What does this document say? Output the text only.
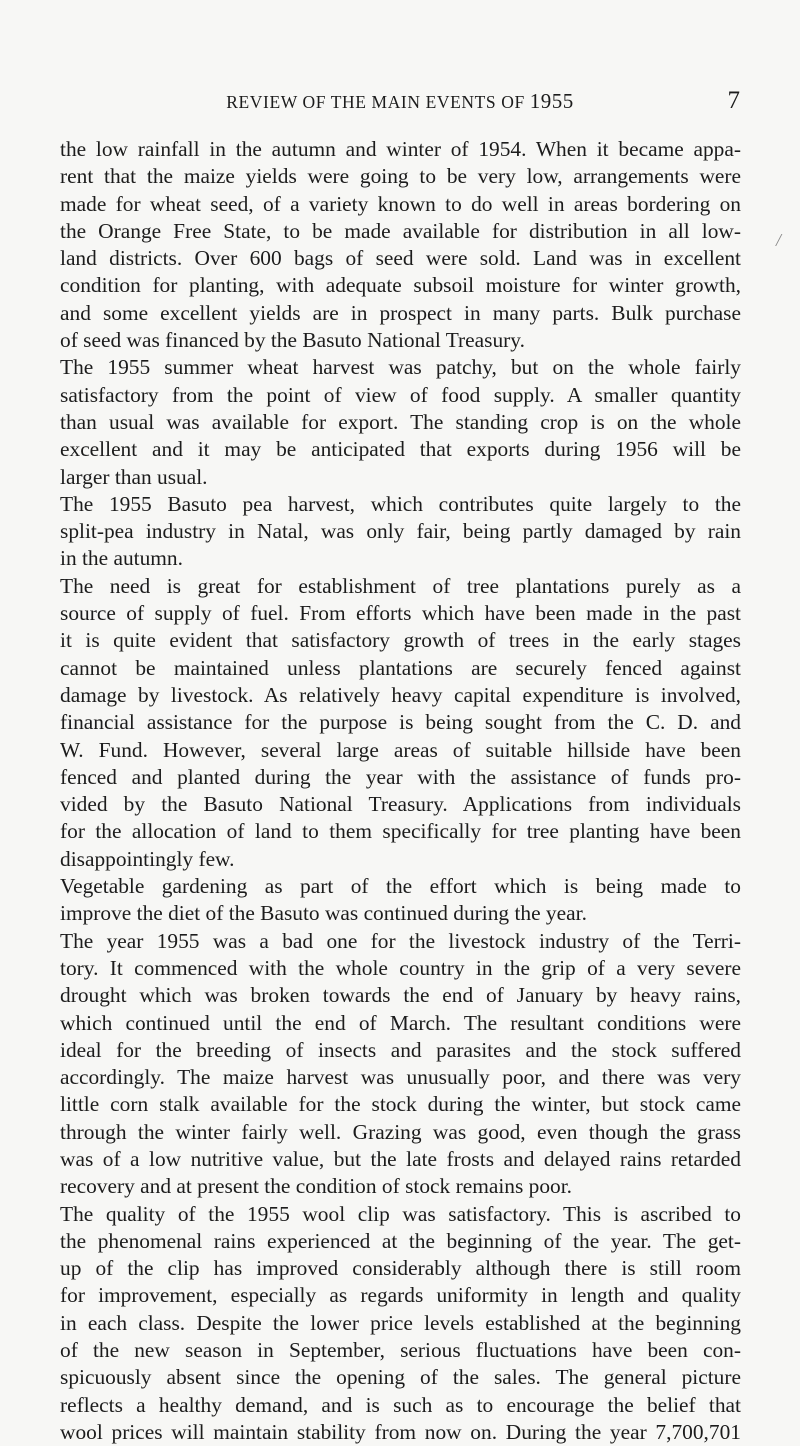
REVIEW OF THE MAIN EVENTS OF 1955	7
/
the low rainfall in the autumn and winter of 1954. When it became appa-
rent that the maize yields were going to be very low, arrangements were
made for wheat seed, of a variety known to do well in areas bordering on
the Orange Free State, to be made available for distribution in all low-
land districts. Over 600 bags of seed were sold. Land was in excellent
condition for planting, with adequate subsoil moisture for winter growth,
and some excellent yields are in prospect in many parts. Bulk purchase
of seed was financed by the Basuto National Treasury.
The 1955 summer wheat harvest was patchy, but on the whole fairly
satisfactory from the point of view of food supply. A smaller quantity
than usual was available for export. The standing crop is on the whole
excellent and it may be anticipated that exports during 1956 will be
larger than usual.
The 1955 Basuto pea harvest, which contributes quite largely to the
split-pea industry in Natal, was only fair, being partly damaged by rain
in the autumn.
The need is great for establishment of tree plantations purely as a
source of supply of fuel. From efforts which have been made in the past
it is quite evident that satisfactory growth of trees in the early stages
cannot be maintained unless plantations are securely fenced against
damage by livestock. As relatively heavy capital expenditure is involved,
financial assistance for the purpose is being sought from the C. D. and
W. Fund. However, several large areas of suitable hillside have been
fenced and planted during the year with the assistance of funds pro-
vided by the Basuto National Treasury. Applications from individuals
for the allocation of land to them specifically for tree planting have been
disappointingly few.
Vegetable gardening as part of the effort which is being made to
improve the diet of the Basuto was continued during the year.
The year 1955 was a bad one for the livestock industry of the Terri-
tory. It commenced with the whole country in the grip of a very severe
drought which was broken towards the end of January by heavy rains,
which continued until the end of March. The resultant conditions were
ideal for the breeding of insects and parasites and the stock suffered
accordingly. The maize harvest was unusually poor, and there was very
little corn stalk available for the stock during the winter, but stock came
through the winter fairly well. Grazing was good, even though the grass
was of a low nutritive value, but the late frosts and delayed rains retarded
recovery and at present the condition of stock remains poor.
The quality of the 1955 wool clip was satisfactory. This is ascribed to
the phenomenal rains experienced at the beginning of the year. The get-
up of the clip has improved considerably although there is still room
for improvement, especially as regards uniformity in length and quality
in each class. Despite the lower price levels established at the beginning
of the new season in September, serious fluctuations have been con-
spicuously absent since the opening of the sales. The general picture
reflects a healthy demand, and is such as to encourage the belief that
wool prices will maintain stability from now on. During the year 7,700,701
